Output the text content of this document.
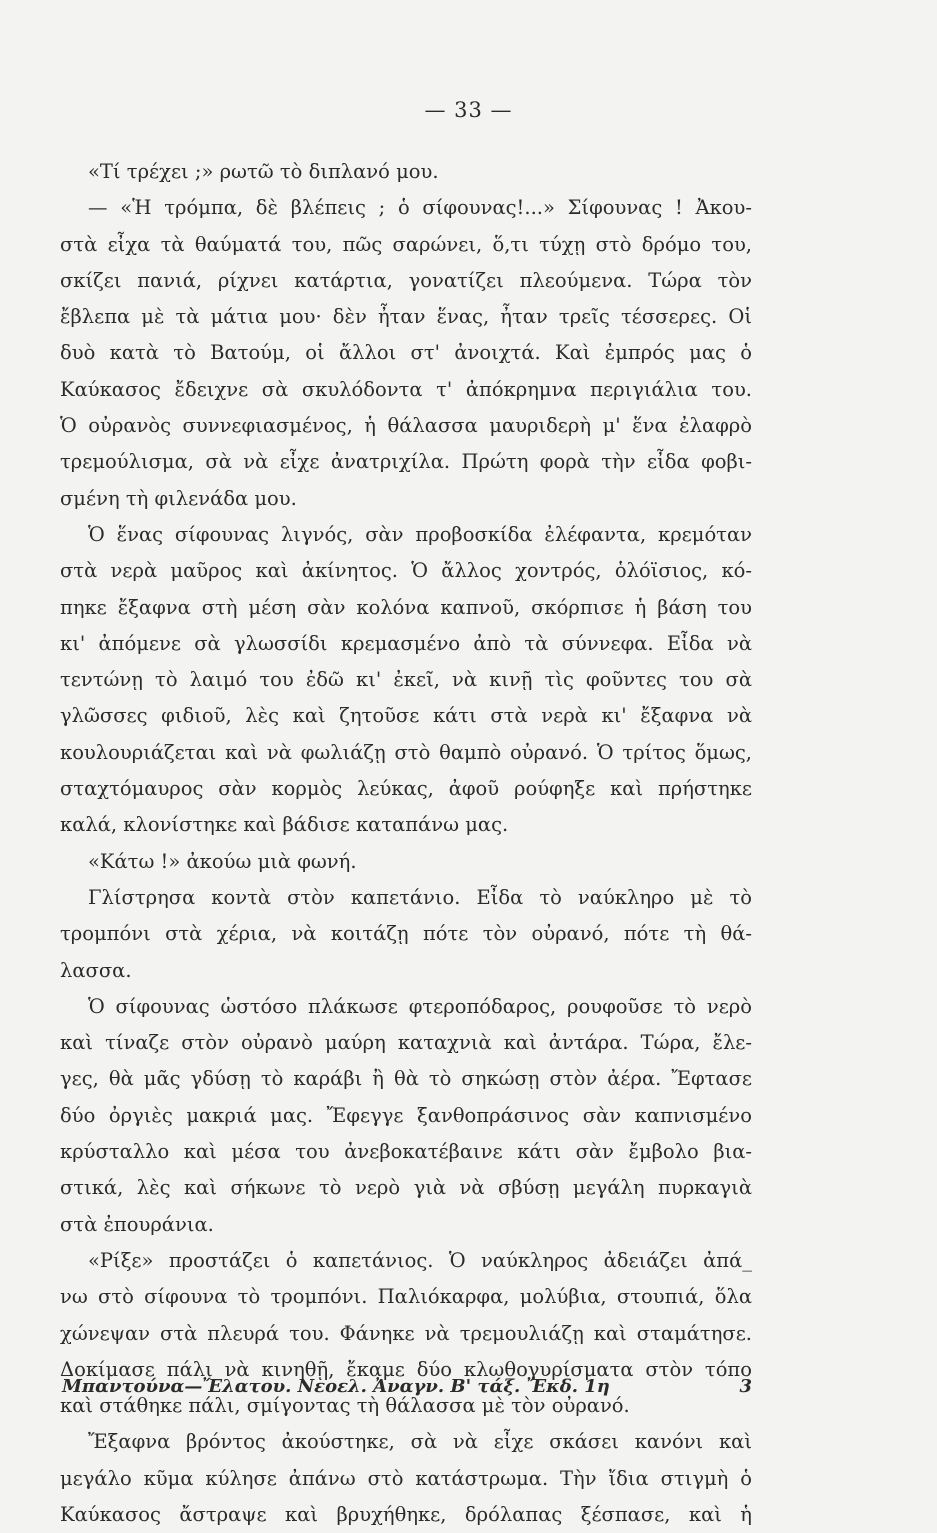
— 33 —
«Τί τρέχει ;» ρωτῶ τὸ διπλανό μου.
— «Ἡ τρόμπα, δὲ βλέπεις ; ὁ σίφουνας!...» Σίφουνας ! Ἀκου-
στὰ εἶχα τὰ θαύματά του, πῶς σαρώνει, ὅ,τι τύχῃ στὸ δρόμο του,
σκίζει πανιά, ρίχνει κατάρτια, γονατίζει πλεούμενα. Τώρα τὸν
ἔβλεπα μὲ τὰ μάτια μου· δὲν ἦταν ἕνας, ἦταν τρεῖς τέσσερες. Οἱ
δυὸ κατὰ τὸ Βατούμ, οἱ ἄλλοι στ' ἀνοιχτά. Καὶ ἐμπρός μας ὁ
Καύκασος ἔδειχνε σὰ σκυλόδοντα τ' ἀπόκρημνα περιγιάλια του.
Ὁ οὐρανὸς συννεφιασμένος, ἡ θάλασσα μαυριδερὴ μ' ἕνα ἐλαφρὸ
τρεμούλισμα, σὰ νὰ εἶχε ἀνατριχίλα. Πρώτη φορὰ τὴν εἶδα φοβι-
σμένη τὴ φιλενάδα μου.
Ὁ ἕνας σίφουνας λιγνός, σὰν προβοσκίδα ἐλέφαντα, κρεμόταν
στὰ νερὰ μαῦρος καὶ ἀκίνητος. Ὁ ἄλλος χοντρός, ὁλόϊσιος, κό-
πηκε ἔξαφνα στὴ μέση σὰν κολόνα καπνοῦ, σκόρπισε ἡ βάση του
κι' ἀπόμενε σὰ γλωσσίδι κρεμασμένο ἀπὸ τὰ σύννεφα. Εἶδα νὰ
τεντώνῃ τὸ λαιμό του ἐδῶ κι' ἐκεῖ, νὰ κινῇ τὶς φοῦντες του σὰ
γλῶσσες φιδιοῦ, λὲς καὶ ζητοῦσε κάτι στὰ νερὰ κι' ἔξαφνα νὰ
κουλουριάζεται καὶ νὰ φωλιάζῃ στὸ θαμπὸ οὐρανό. Ὁ τρίτος ὅμως,
σταχτόμαυρος σὰν κορμὸς λεύκας, ἀφοῦ ρούφηξε καὶ πρήστηκε
καλά, κλονίστηκε καὶ βάδισε καταπάνω μας.
«Κάτω !» ἀκούω μιὰ φωνή.
Γλίστρησα κοντὰ στὸν καπετάνιο. Εἶδα τὸ ναύκληρο μὲ τὸ
τρομπόνι στὰ χέρια, νὰ κοιτάζῃ πότε τὸν οὐρανό, πότε τὴ θά-
λασσα.
Ὁ σίφουνας ὡστόσο πλάκωσε φτεροπόδαρος, ρουφοῦσε τὸ νερὸ
καὶ τίναζε στὸν οὐρανὸ μαύρη καταχνιὰ καὶ ἀντάρα. Τώρα, ἔλε-
γες, θὰ μᾶς γδύσῃ τὸ καράβι ἢ θὰ τὸ σηκώσῃ στὸν ἀέρα. Ἔφτασε
δύο ὀργιὲς μακριά μας. Ἔφεγγε ξανθοπράσινος σὰν καπνισμένο
κρύσταλλο καὶ μέσα του ἀνεβοκατέβαινε κάτι σὰν ἔμβολο βια-
στικά, λὲς καὶ σήκωνε τὸ νερὸ γιὰ νὰ σβύσῃ μεγάλη πυρκαγιὰ
στὰ ἐπουράνια.
«Ρίξε» προστάζει ὁ καπετάνιος. Ὁ ναύκληρος ἀδειάζει ἀπά_
νω στὸ σίφουνα τὸ τρομπόνι. Παλιόκαρφα, μολύβια, στουπιά, ὅλα
χώνεψαν στὰ πλευρά του. Φάνηκε νὰ τρεμουλιάζῃ καὶ σταμάτησε.
Δοκίμασε πάλι νὰ κινηθῇ, ἔκαμε δύο κλωθογυρίσματα στὸν τόπο
καὶ στάθηκε πάλι, σμίγοντας τὴ θάλασσα μὲ τὸν οὐρανό.
Ἔξαφνα βρόντος ἀκούστηκε, σὰ νὰ εἶχε σκάσει κανόνι καὶ
μεγάλο κῦμα κύλησε ἀπάνω στὸ κατάστρωμα. Τὴν ἴδια στιγμὴ ὁ
Καύκασος ἄστραψε καὶ βρυχήθηκε, δρόλαπας ξέσπασε, καὶ ἡ
Μπαντούνα—Ἔλατου. Νεοελ. Ἀναγν. Β' τάξ. Ἔκδ. 1η	3
